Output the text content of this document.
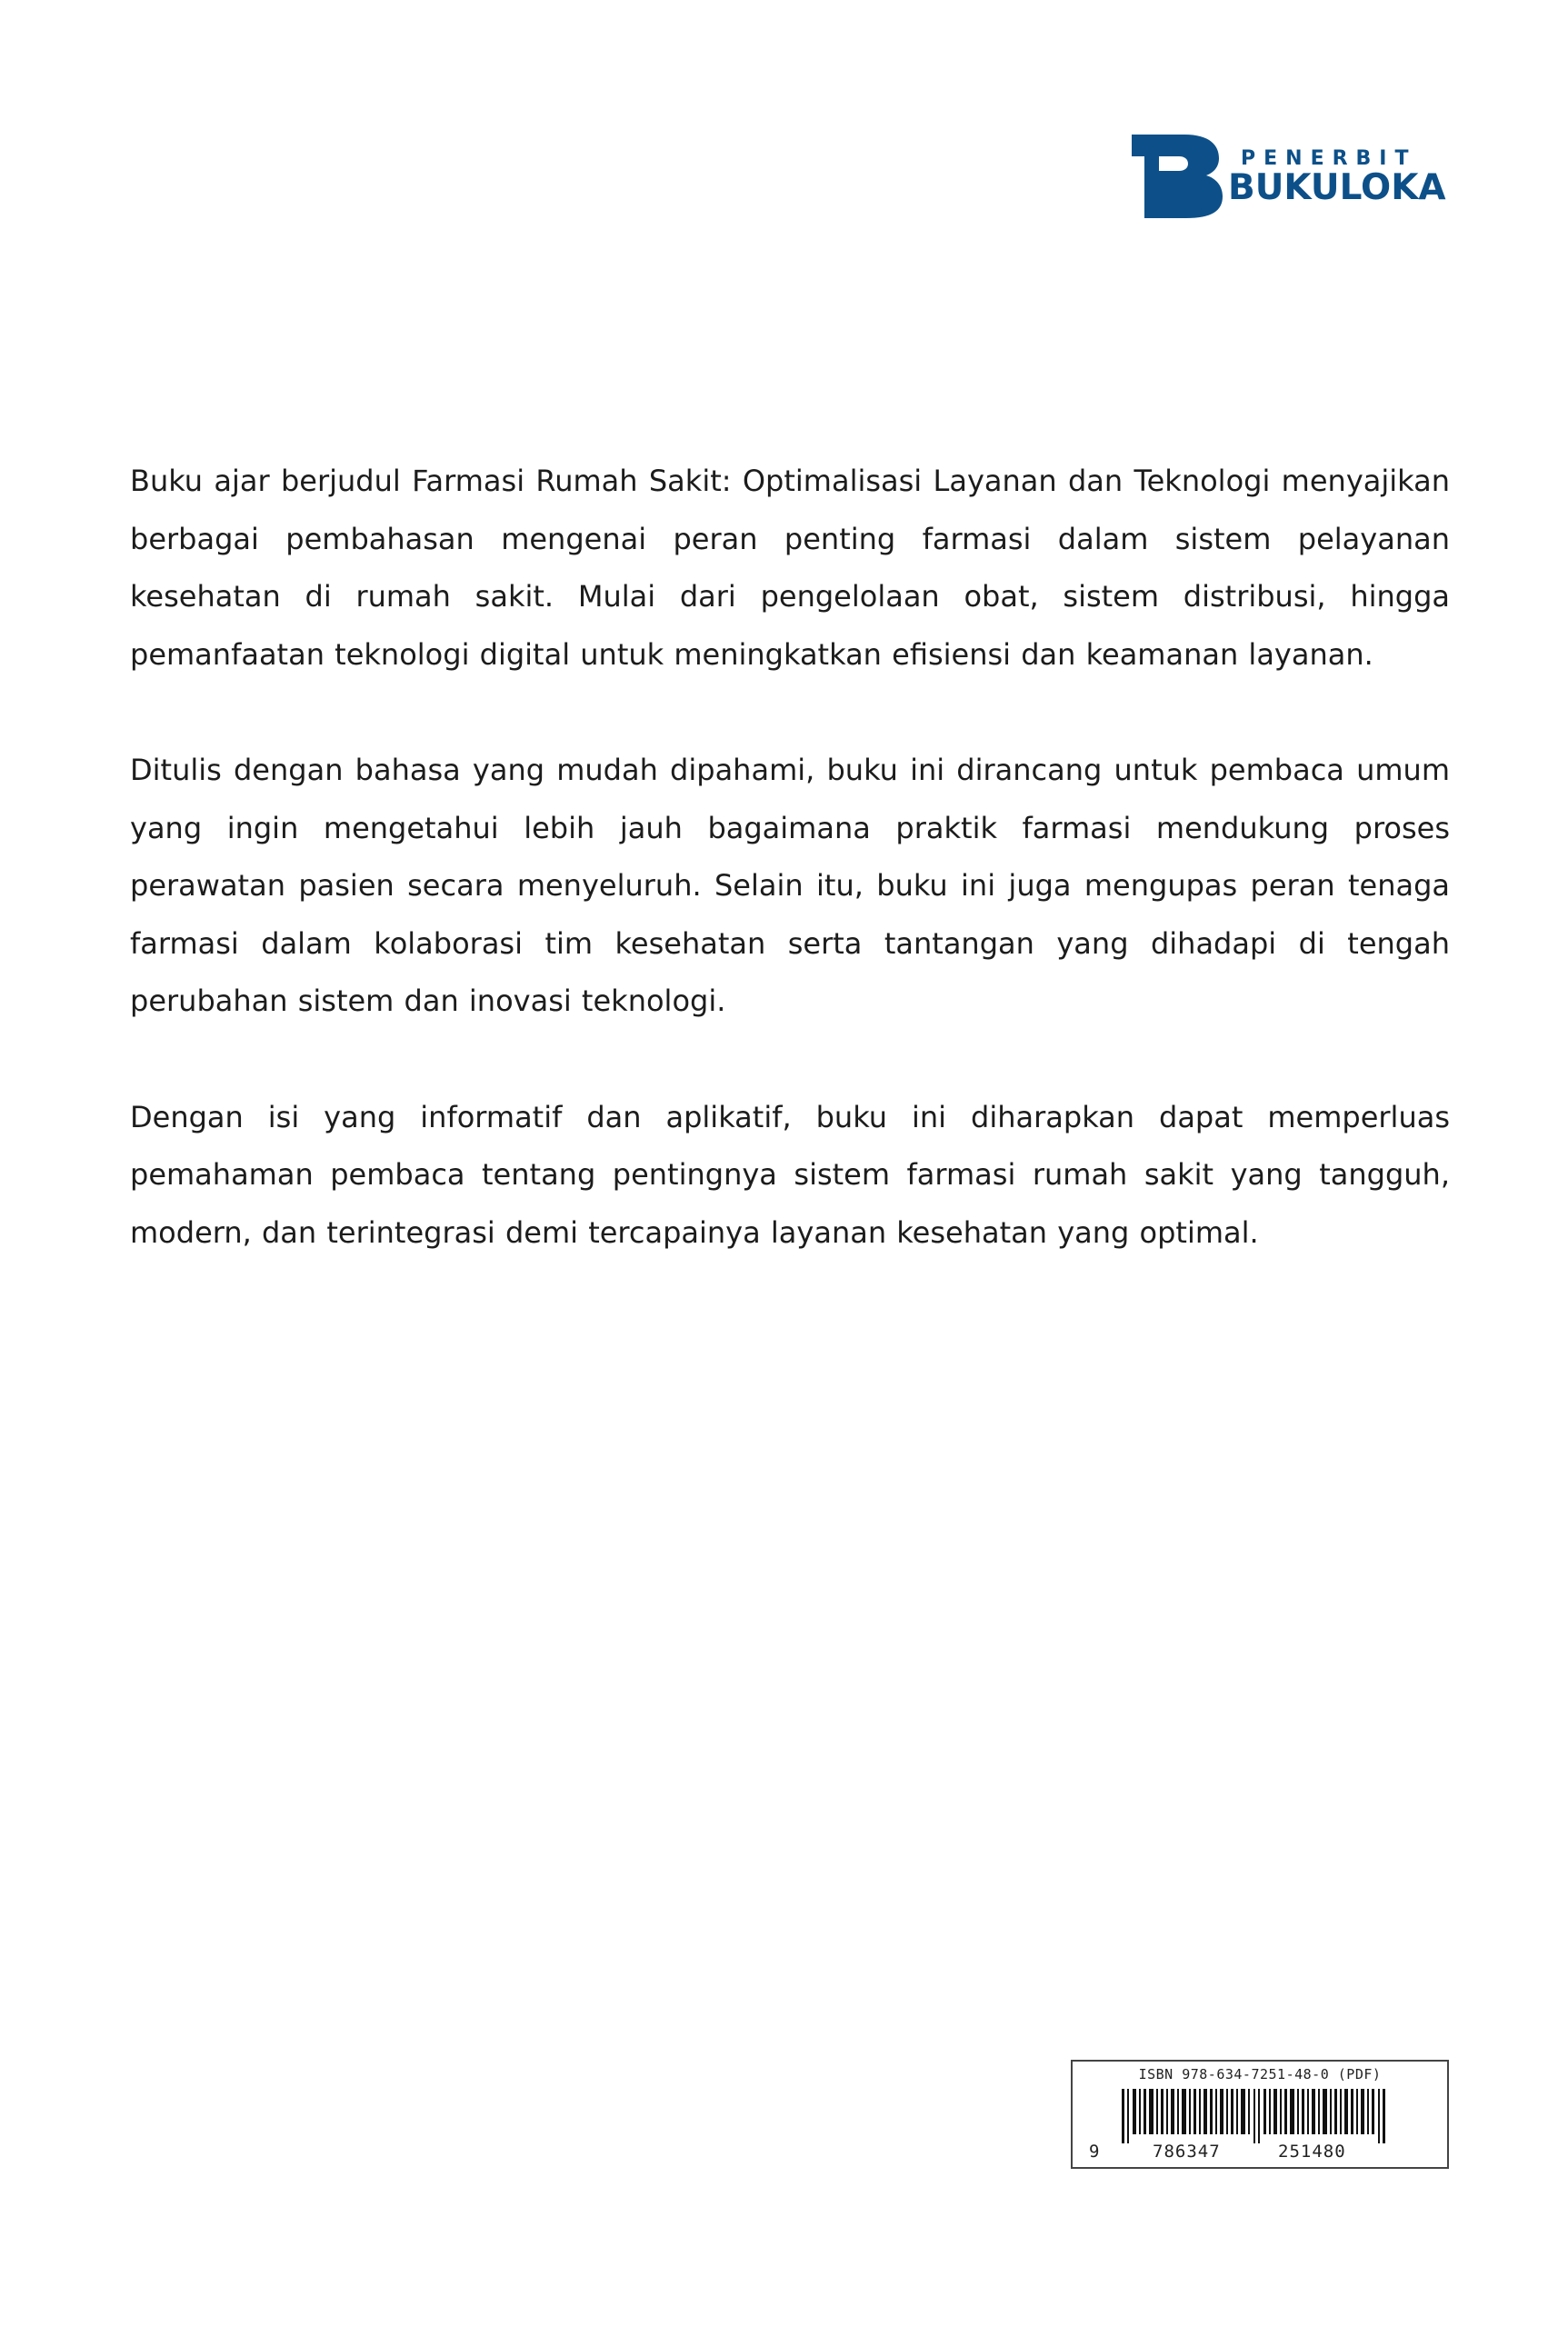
PENERBIT
BUKULOKA

Buku ajar berjudul Farmasi Rumah Sakit: Optimalisasi Layanan dan Teknologi menyajikan berbagai pembahasan mengenai peran penting farmasi dalam sistem pelayanan kesehatan di rumah sakit. Mulai dari pengelolaan obat, sistem distribusi, hingga pemanfaatan teknologi digital untuk meningkatkan efisiensi dan keamanan layanan.

Ditulis dengan bahasa yang mudah dipahami, buku ini dirancang untuk pembaca umum yang ingin mengetahui lebih jauh bagaimana praktik farmasi mendukung proses perawatan pasien secara menyeluruh. Selain itu, buku ini juga mengupas peran tenaga farmasi dalam kolaborasi tim kesehatan serta tantangan yang dihadapi di tengah perubahan sistem dan inovasi teknologi.

Dengan isi yang informatif dan aplikatif, buku ini diharapkan dapat memperluas pemahaman pembaca tentang pentingnya sistem farmasi rumah sakit yang tangguh, modern, dan terintegrasi demi tercapainya layanan kesehatan yang optimal.

ISBN 978-634-7251-48-0 (PDF)
9	786347	251480
